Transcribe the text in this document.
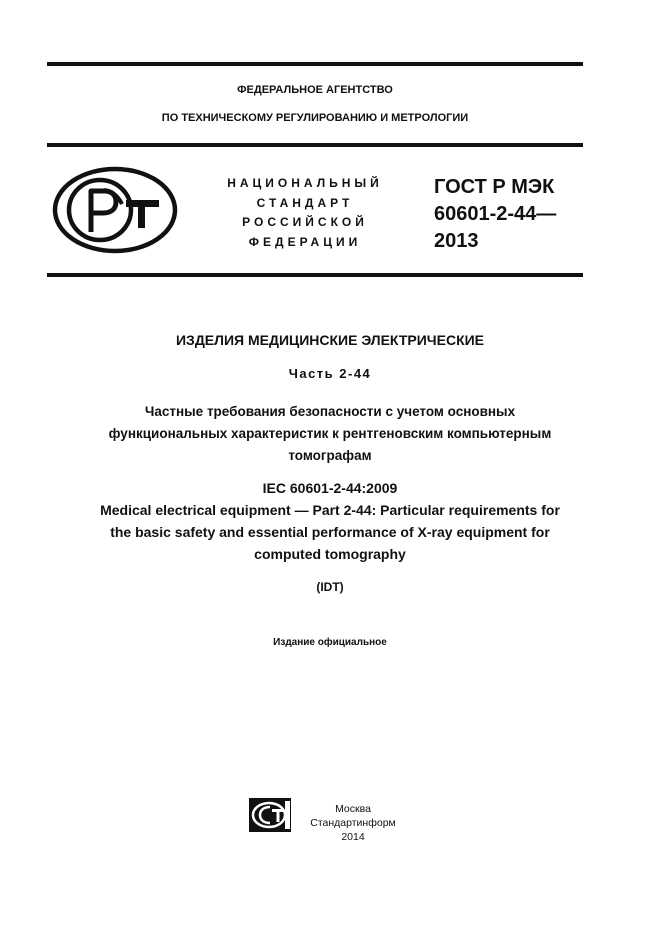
ФЕДЕРАЛЬНОЕ АГЕНТСТВО
ПО ТЕХНИЧЕСКОМУ РЕГУЛИРОВАНИЮ И МЕТРОЛОГИИ
НАЦИОНАЛЬНЫЙ
СТАНДАРТ
РОССИЙСКОЙ
ФЕДЕРАЦИИ
ГОСТ Р МЭК
60601-2-44—
2013
ИЗДЕЛИЯ МЕДИЦИНСКИЕ ЭЛЕКТРИЧЕСКИЕ
Часть 2-44
Частные требования безопасности с учетом основных
функциональных характеристик к рентгеновским компьютерным
томографам
IEC 60601-2-44:2009
Medical electrical equipment — Part 2-44: Particular requirements for
the basic safety and essential performance of X-ray equipment for
computed tomography
(IDT)
Издание официальное
Москва
Стандартинформ
2014
